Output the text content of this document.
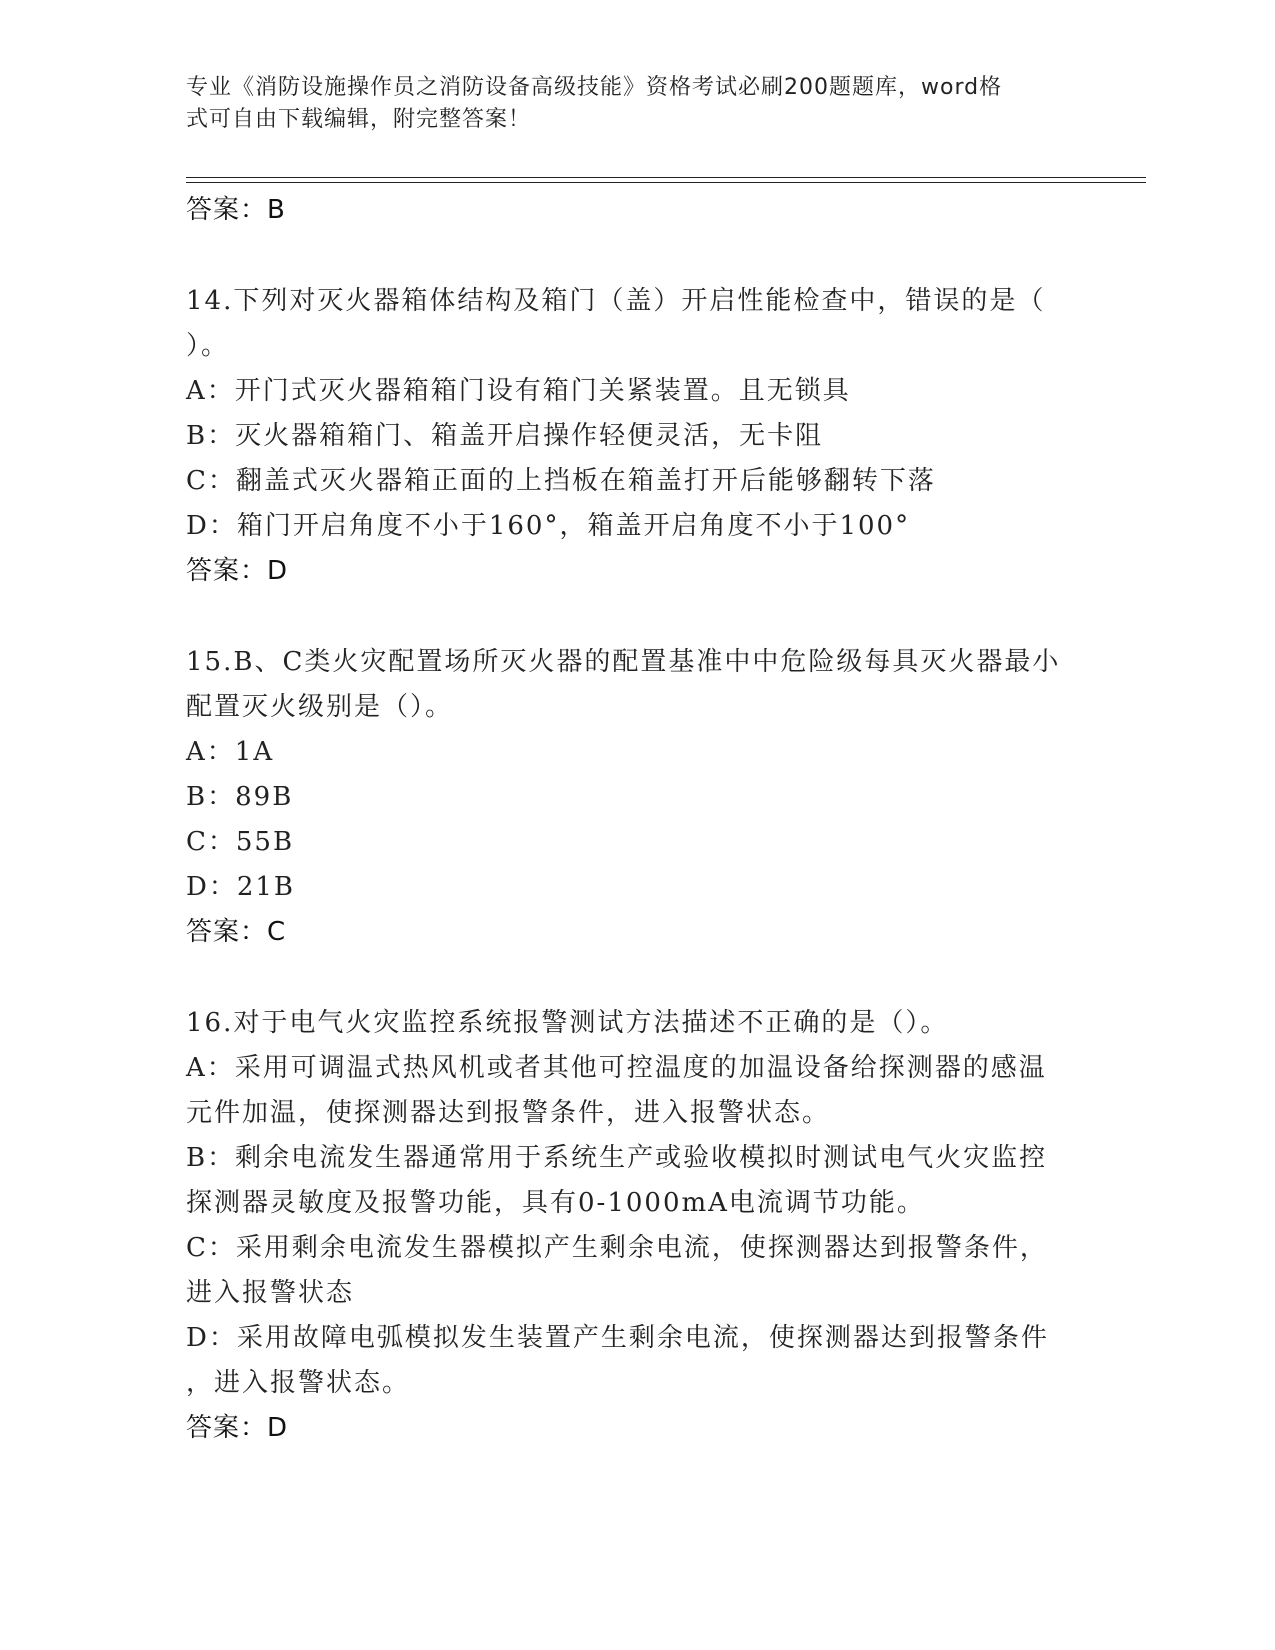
专业《消防设施操作员之消防设备高级技能》资格考试必刷200题题库，word格
式可自由下载编辑，附完整答案！
答案：B
14.下列对灭火器箱体结构及箱门（盖）开启性能检查中，错误的是（
）。
A：开门式灭火器箱箱门设有箱门关紧装置。且无锁具
B：灭火器箱箱门、箱盖开启操作轻便灵活，无卡阻
C：翻盖式灭火器箱正面的上挡板在箱盖打开后能够翻转下落
D：箱门开启角度不小于160°，箱盖开启角度不小于100°
答案：D
15.B、C类火灾配置场所灭火器的配置基准中中危险级每具灭火器最小
配置灭火级别是（）。
A：1A
B：89B
C：55B
D：21B
答案：C
16.对于电气火灾监控系统报警测试方法描述不正确的是（）。
A：采用可调温式热风机或者其他可控温度的加温设备给探测器的感温
元件加温，使探测器达到报警条件，进入报警状态。
B：剩余电流发生器通常用于系统生产或验收模拟时测试电气火灾监控
探测器灵敏度及报警功能，具有0-1000mA电流调节功能。
C：采用剩余电流发生器模拟产生剩余电流，使探测器达到报警条件，
进入报警状态
D：采用故障电弧模拟发生装置产生剩余电流，使探测器达到报警条件
，进入报警状态。
答案：D
